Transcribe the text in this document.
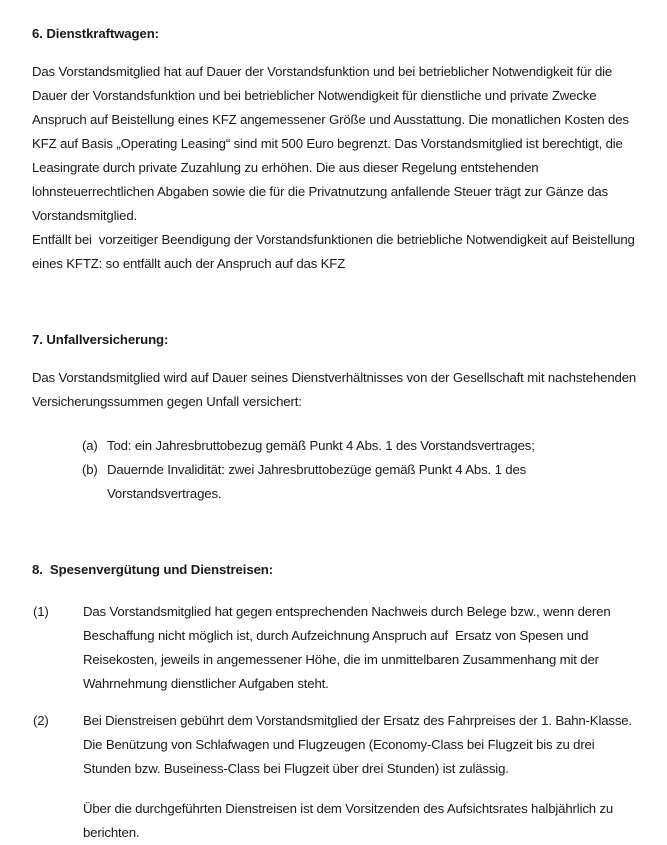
6. Dienstkraftwagen:

Das Vorstandsmitglied hat auf Dauer der Vorstandsfunktion und bei betrieblicher Notwendigkeit für die Dauer der Vorstandsfunktion und bei betrieblicher Notwendigkeit für dienstliche und private Zwecke Anspruch auf Beistellung eines KFZ angemessener Größe und Ausstattung. Die monatlichen Kosten des KFZ auf Basis „Operating Leasing“ sind mit 500 Euro begrenzt. Das Vorstandsmitglied ist berechtigt, die Leasingrate durch private Zuzahlung zu erhöhen. Die aus dieser Regelung entstehenden lohnsteuerrechtlichen Abgaben sowie die für die Privatnutzung anfallende Steuer trägt zur Gänze das Vorstandsmitglied.

Entfällt bei  vorzeitiger Beendigung der Vorstandsfunktionen die betriebliche Notwendigkeit auf Beistellung eines KFTZ: so entfällt auch der Anspruch auf das KFZ

7. Unfallversicherung:

Das Vorstandsmitglied wird auf Dauer seines Dienstverhältnisses von der Gesellschaft mit nachstehenden Versicherungssummen gegen Unfall versichert:

(a) Tod: ein Jahresbruttobezug gemäß Punkt 4 Abs. 1 des Vorstandsvertrages;
(b) Dauernde Invalidität: zwei Jahresbruttobezüge gemäß Punkt 4 Abs. 1 des Vorstandsvertrages.
8.  Spesenvergütung und Dienstreisen:
(1)	Das Vorstandsmitglied hat gegen entsprechenden Nachweis durch Belege bzw., wenn deren Beschaffung nicht möglich ist, durch Aufzeichnung Anspruch auf  Ersatz von Spesen und Reisekosten, jeweils in angemessener Höhe, die im unmittelbaren Zusammenhang mit der Wahrnehmung dienstlicher Aufgaben steht.
(2)	Bei Dienstreisen gebührt dem Vorstandsmitglied der Ersatz des Fahrpreises der 1. Bahn-Klasse. Die Benützung von Schlafwagen und Flugzeugen (Economy-Class bei Flugzeit bis zu drei Stunden bzw. Buseiness-Class bei Flugzeit über drei Stunden) ist zulässig.

Über die durchgeführten Dienstreisen ist dem Vorsitzenden des Aufsichtsrates halbjährlich zu berichten.
